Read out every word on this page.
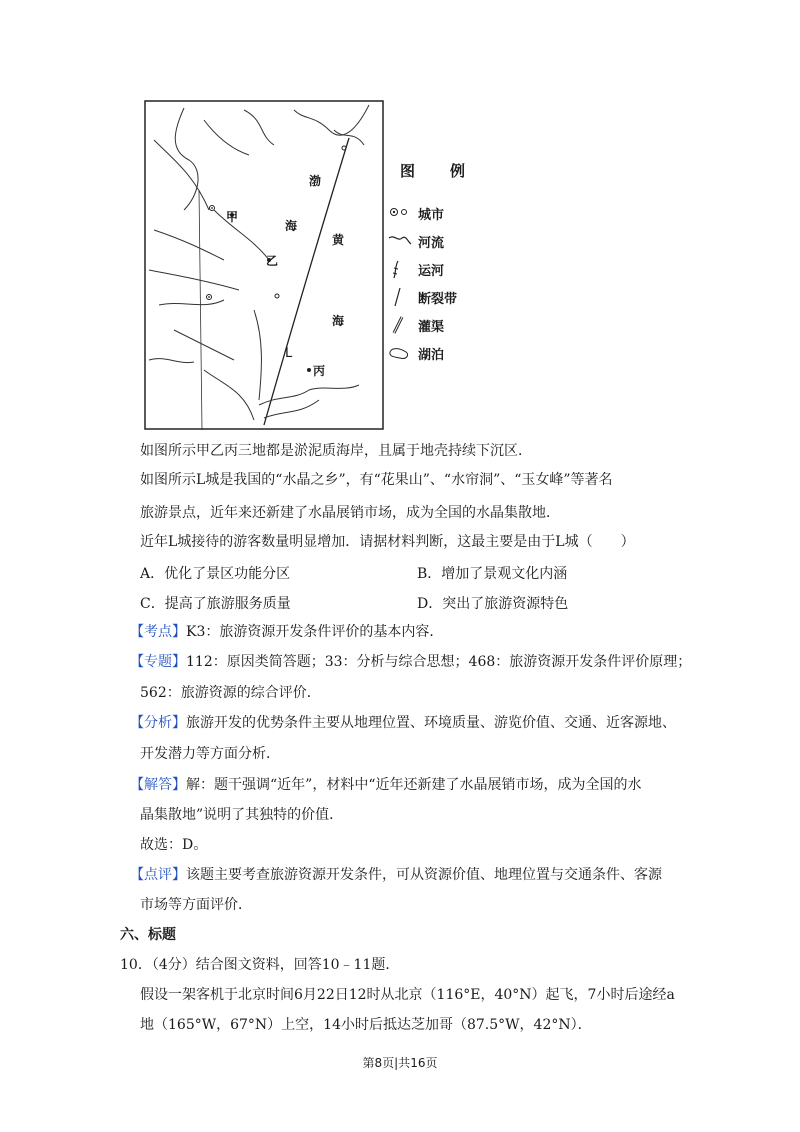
渤
海
黄
海
甲
乙
丙
L
图　例
城市
河流
运河
断裂带
灌渠
湖泊
如图所示甲乙丙三地都是淤泥质海岸，且属于地壳持续下沉区．
如图所示L城是我国的“水晶之乡”，有“花果山”、“水帘洞”、“玉女峰”等著名
旅游景点，近年来还新建了水晶展销市场，成为全国的水晶集散地．
近年L城接待的游客数量明显增加．请据材料判断，这最主要是由于L城（　　）
A．优化了景区功能分区	B．增加了景观文化内涵
C．提高了旅游服务质量	D．突出了旅游资源特色
【考点】K3：旅游资源开发条件评价的基本内容．
【专题】112：原因类简答题；33：分析与综合思想；468：旅游资源开发条件评价原理；
562：旅游资源的综合评价．
【分析】旅游开发的优势条件主要从地理位置、环境质量、游览价值、交通、近客源地、
开发潜力等方面分析．
【解答】解：题干强调“近年”，材料中“近年还新建了水晶展销市场，成为全国的水
晶集散地”说明了其独特的价值．
故选：D。
【点评】该题主要考查旅游资源开发条件，可从资源价值、地理位置与交通条件、客源
市场等方面评价．
六、标题
10．（4分）结合图文资料，回答10﹣11题．
假设一架客机于北京时间6月22日12时从北京（116°E，40°N）起飞，7小时后途经a
地（165°W，67°N）上空，14小时后抵达芝加哥（87.5°W，42°N）．
第8页|共16页
